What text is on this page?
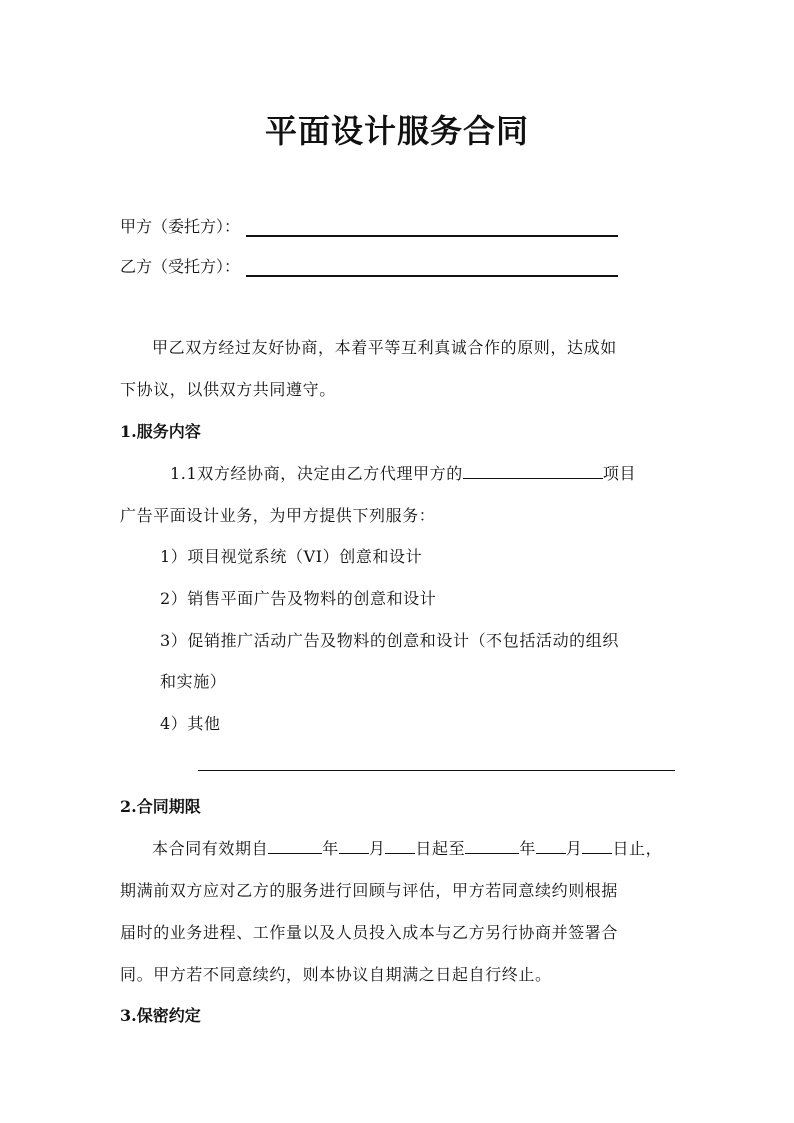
平面设计服务合同
甲方（委托方）：
乙方（受托方）：
甲乙双方经过友好协商，本着平等互利真诚合作的原则，达成如
下协议，以供双方共同遵守。
1.服务内容
1.1双方经协商，决定由乙方代理甲方的	项目
广告平面设计业务，为甲方提供下列服务：
1）项目视觉系统（VI）创意和设计
2）销售平面广告及物料的创意和设计
3）促销推广活动广告及物料的创意和设计（不包括活动的组织
和实施）
4）其他
2.合同期限
本合同有效期自	年 月 日起至	年 月 日止，
期满前双方应对乙方的服务进行回顾与评估，甲方若同意续约则根据
届时的业务进程、工作量以及人员投入成本与乙方另行协商并签署合
同。甲方若不同意续约，则本协议自期满之日起自行终止。
3.保密约定
